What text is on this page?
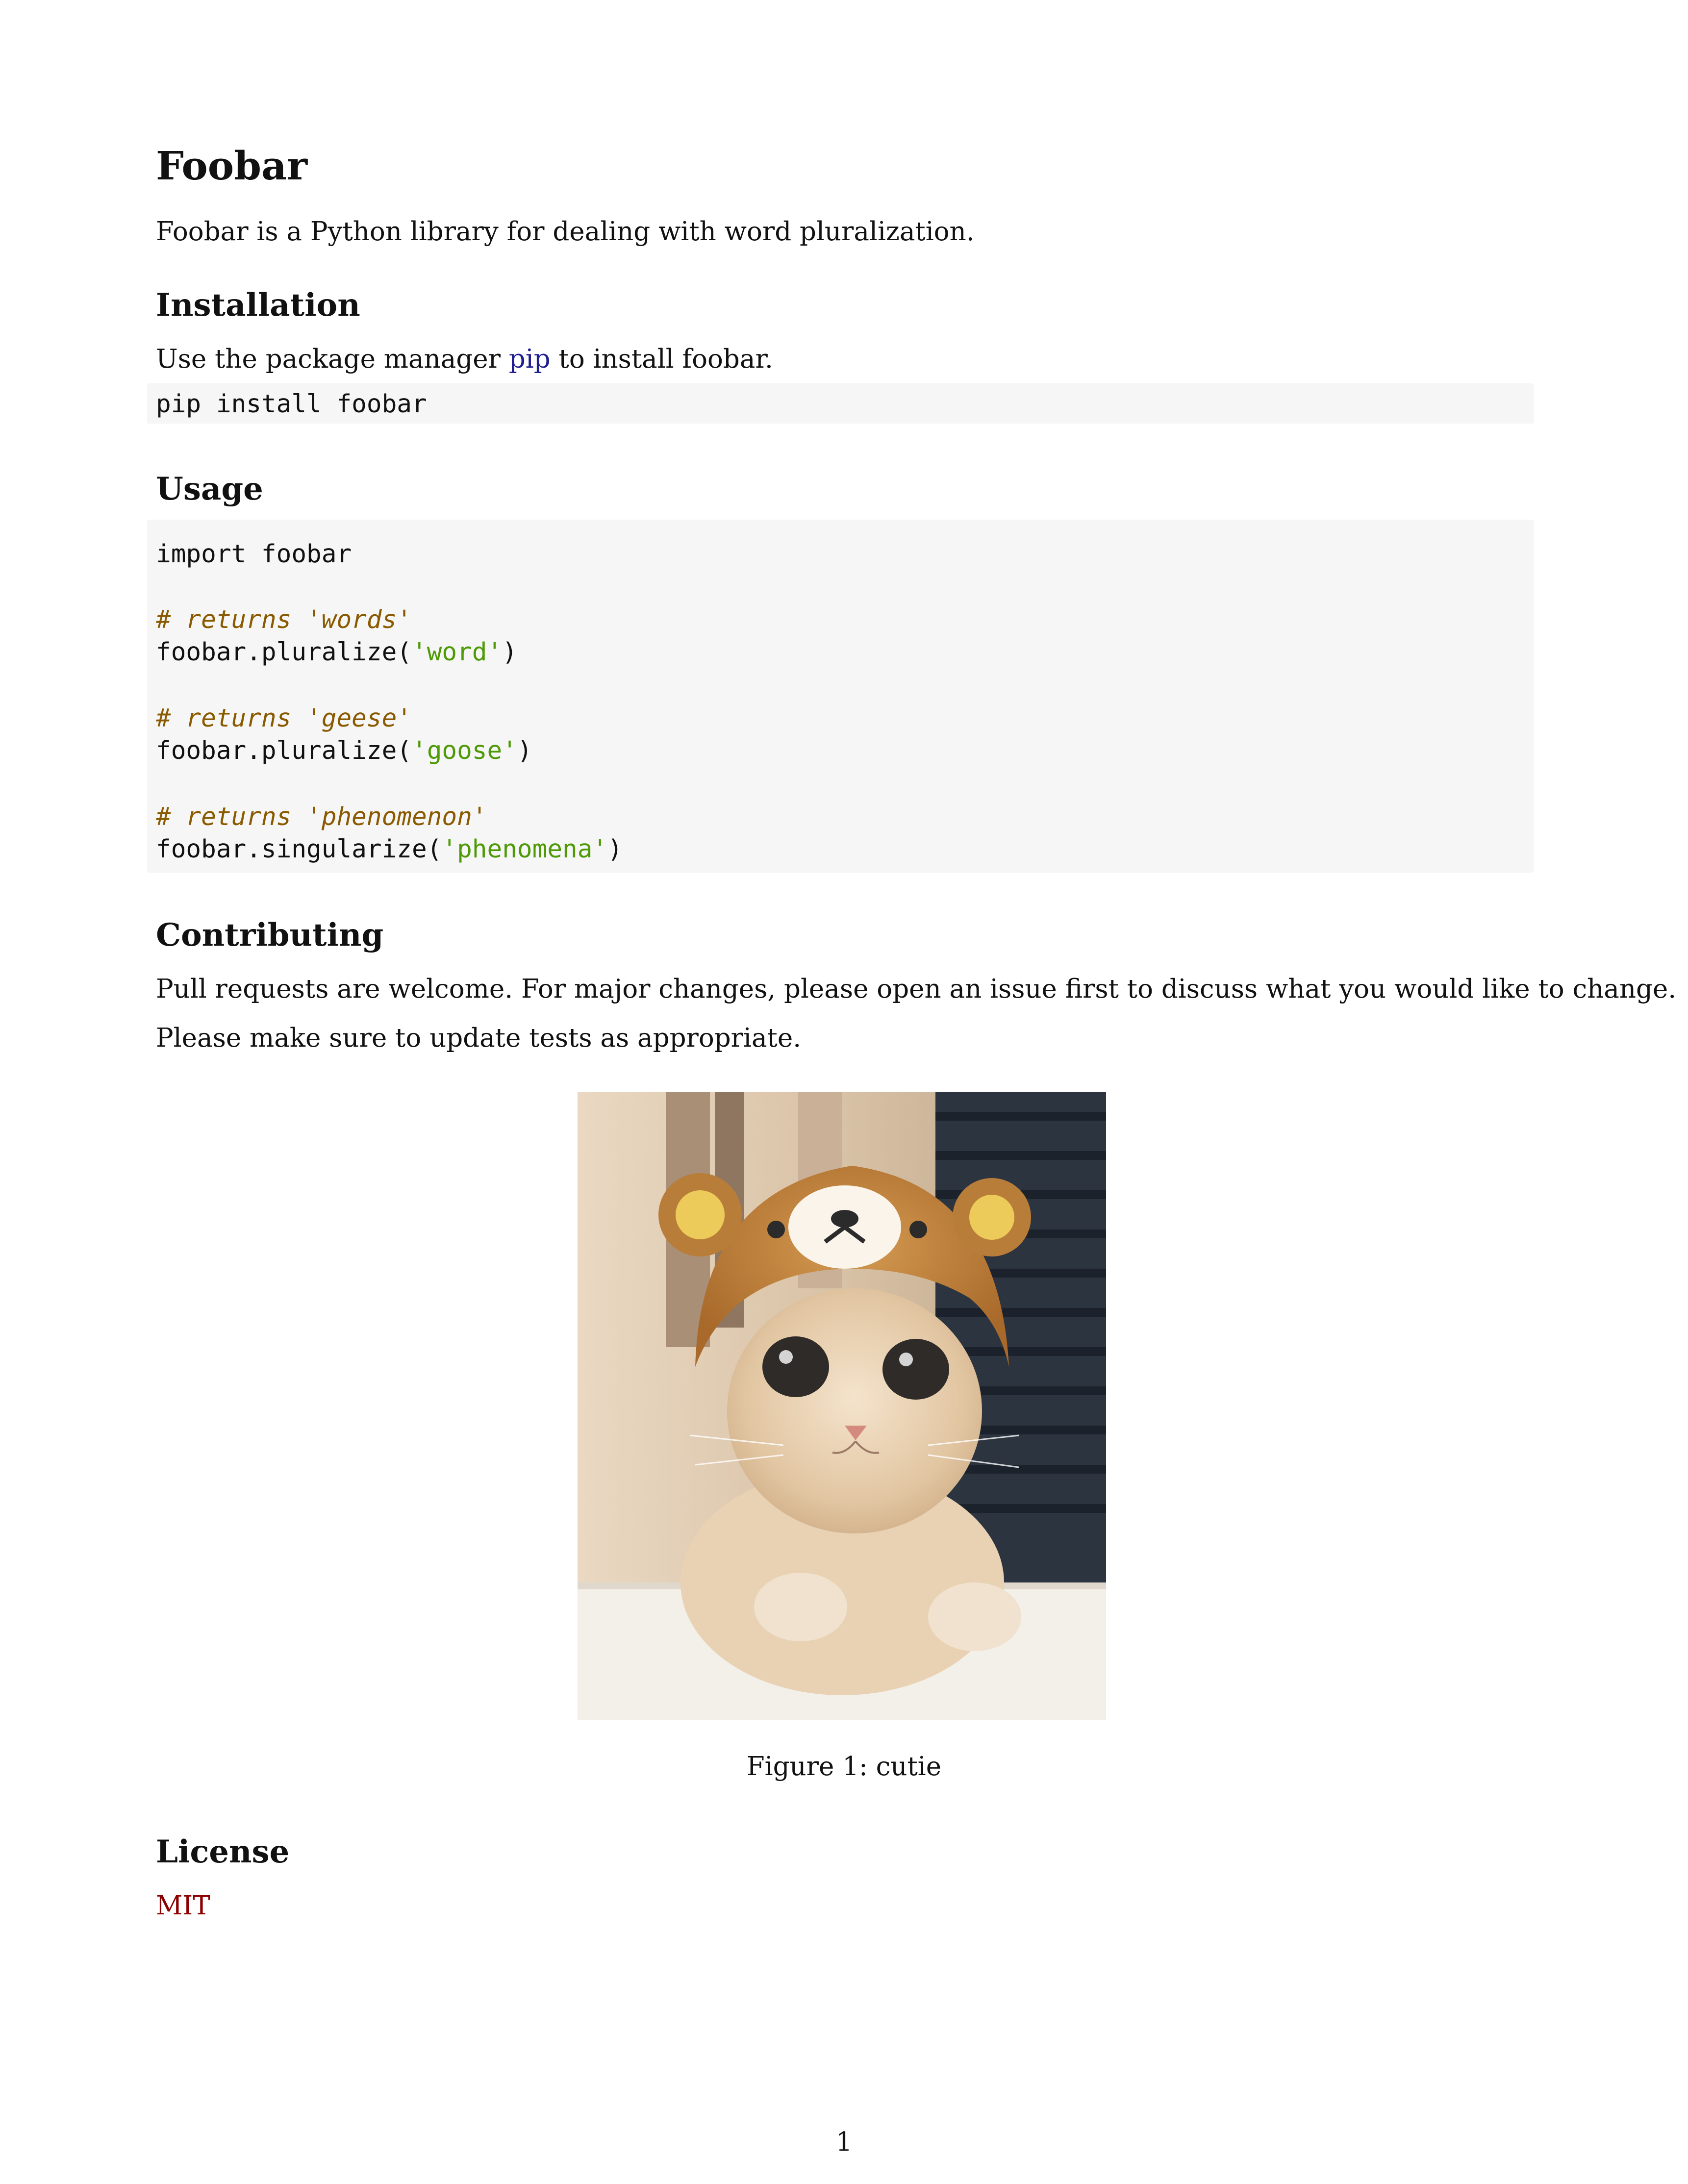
Foobar

Foobar is a Python library for dealing with word pluralization.

Installation

Use the package manager pip to install foobar.

pip install foobar
Usage
import foobar
# returns 'words'
foobar.pluralize('word')
# returns 'geese'
foobar.pluralize('goose')
# returns 'phenomenon'
foobar.singularize('phenomena')
Contributing

Pull requests are welcome. For major changes, please open an issue first to discuss what you would like to change.

Please make sure to update tests as appropriate.

Figure 1: cutie
License

MIT

1
